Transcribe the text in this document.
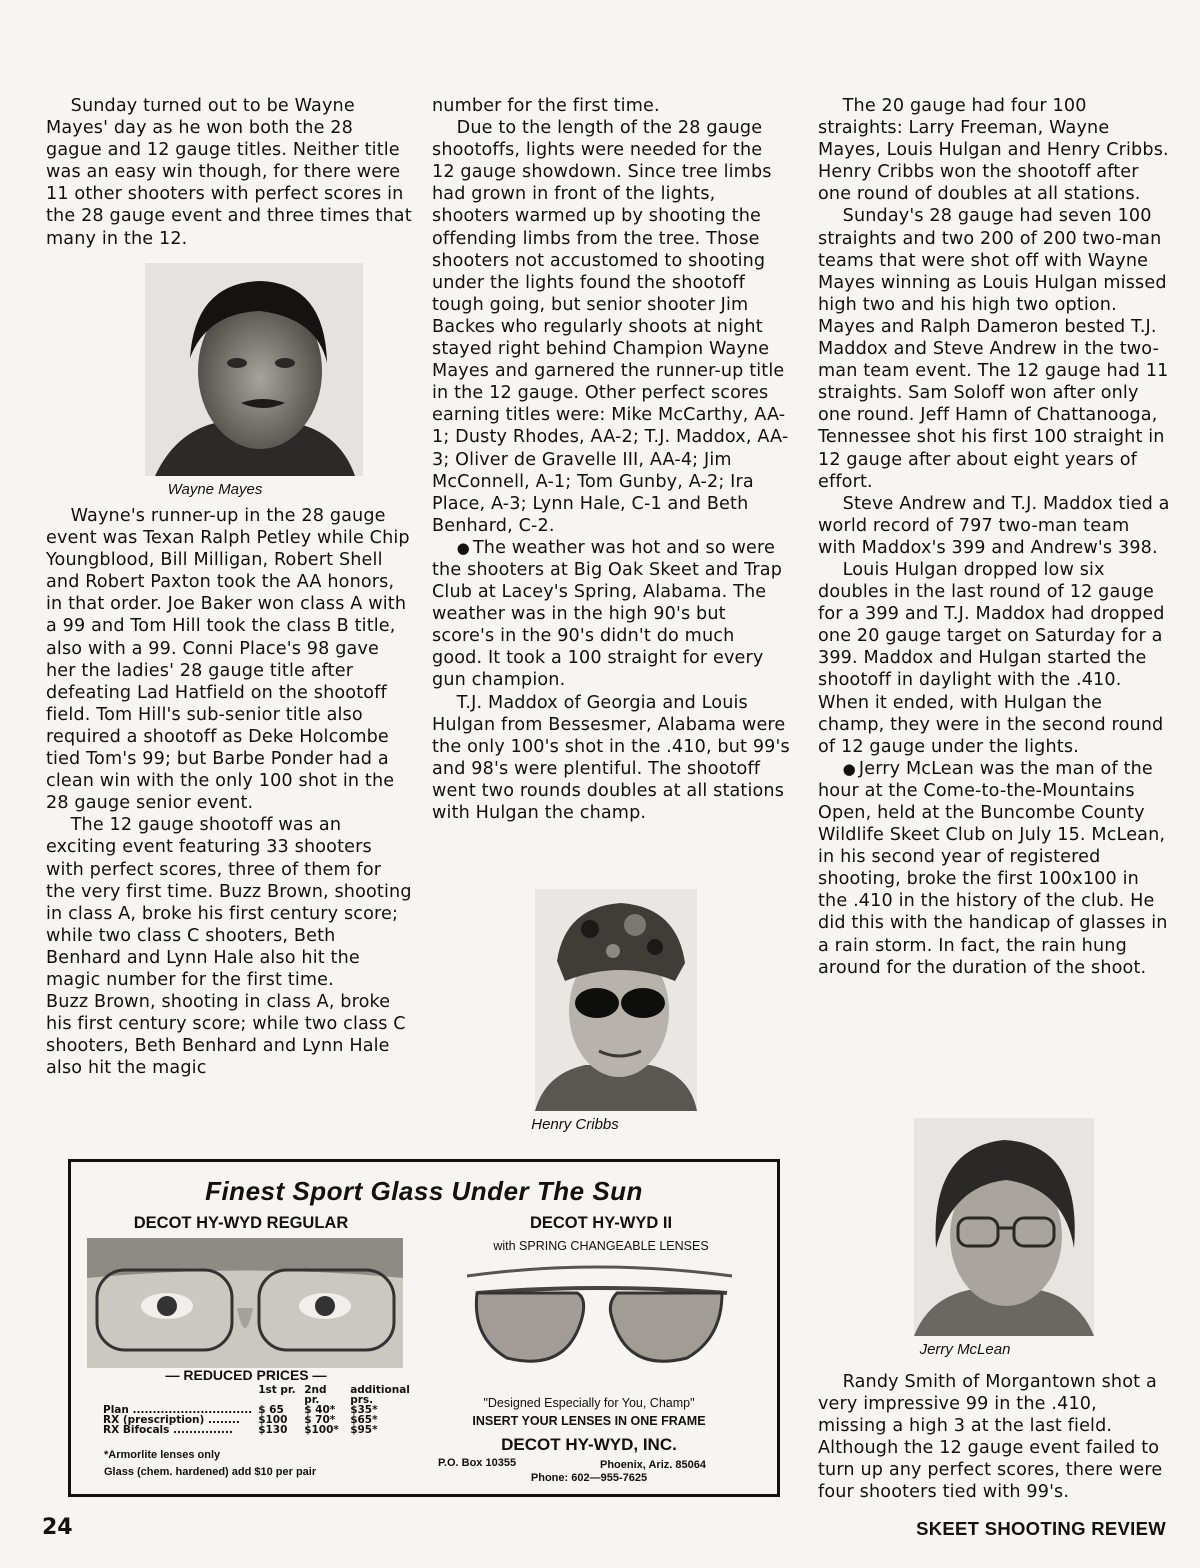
Sunday turned out to be Wayne Mayes' day as he won both the 28 gague and 12 gauge titles. Neither title was an easy win though, for there were 11 other shooters with perfect scores in the 28 gauge event and three times that many in the 12.

Wayne Mayes

Wayne's runner-up in the 28 gauge event was Texan Ralph Petley while Chip Youngblood, Bill Milligan, Robert Shell and Robert Paxton took the AA honors, in that order. Joe Baker won class A with a 99 and Tom Hill took the class B title, also with a 99. Conni Place's 98 gave her the ladies' 28 gauge title after defeating Lad Hatfield on the shootoff field. Tom Hill's sub-senior title also required a shootoff as Deke Holcombe tied Tom's 99; but Barbe Ponder had a clean win with the only 100 shot in the 28 gauge senior event.

The 12 gauge shootoff was an exciting event featuring 33 shooters with perfect scores, three of them for the very first time. Buzz Brown, shooting in class A, broke his first century score; while two class C shooters, Beth Benhard and Lynn Hale also hit the magic number for the first time.

Buzz Brown, shooting in class A, broke his first century score; while two class C shooters, Beth Benhard and Lynn Hale also hit the magic

number for the first time.

Due to the length of the 28 gauge shootoffs, lights were needed for the 12 gauge showdown. Since tree limbs had grown in front of the lights, shooters warmed up by shooting the offending limbs from the tree. Those shooters not accustomed to shooting under the lights found the shootoff tough going, but senior shooter Jim Backes who regularly shoots at night stayed right behind Champion Wayne Mayes and garnered the runner-up title in the 12 gauge. Other perfect scores earning titles were: Mike McCarthy, AA-1; Dusty Rhodes, AA-2; T.J. Maddox, AA-3; Oliver de Gravelle III, AA-4; Jim McConnell, A-1; Tom Gunby, A-2; Ira Place, A-3; Lynn Hale, C-1 and Beth Benhard, C-2.

● The weather was hot and so were the shooters at Big Oak Skeet and Trap Club at Lacey's Spring, Alabama. The weather was in the high 90's but score's in the 90's didn't do much good. It took a 100 straight for every gun champion.

T.J. Maddox of Georgia and Louis Hulgan from Bessesmer, Alabama were the only 100's shot in the .410, but 99's and 98's were plentiful. The shootoff went two rounds doubles at all stations with Hulgan the champ.

Henry Cribbs

The 20 gauge had four 100 straights: Larry Freeman, Wayne Mayes, Louis Hulgan and Henry Cribbs. Henry Cribbs won the shootoff after one round of doubles at all stations.

Sunday's 28 gauge had seven 100 straights and two 200 of 200 two-man teams that were shot off with Wayne Mayes winning as Louis Hulgan missed high two and his high two option. Mayes and Ralph Dameron bested T.J. Maddox and Steve Andrew in the two-man team event. The 12 gauge had 11 straights. Sam Soloff won after only one round. Jeff Hamn of Chattanooga, Tennessee shot his first 100 straight in 12 gauge after about eight years of effort.

Steve Andrew and T.J. Maddox tied a world record of 797 two-man team with Maddox's 399 and Andrew's 398.

Louis Hulgan dropped low six doubles in the last round of 12 gauge for a 399 and T.J. Maddox had dropped one 20 gauge target on Saturday for a 399. Maddox and Hulgan started the shootoff in daylight with the .410. When it ended, with Hulgan the champ, they were in the second round of 12 gauge under the lights.

● Jerry McLean was the man of the hour at the Come-to-the-Mountains Open, held at the Buncombe County Wildlife Skeet Club on July 15. McLean, in his second year of registered shooting, broke the first 100x100 in the .410 in the history of the club. He did this with the handicap of glasses in a rain storm. In fact, the rain hung around for the duration of the shoot.

Jerry McLean

Randy Smith of Morgantown shot a very impressive 99 in the .410, missing a high 3 at the last field. Although the 12 gauge event failed to turn up any perfect scores, there were four shooters tied with 99's.

Finest Sport Glass Under The Sun
DECOT HY-WYD REGULAR	DECOT HY-WYD II
with SPRING CHANGEABLE LENSES
— REDUCED PRICES —
	1st pr.	2nd pr.	additional prs.
Plan ..............................	$ 65	$ 40*	$35*
RX (prescription) ........	$100	$ 70*	$65*
RX Bifocals ...............	$130	$100*	$95*
*Armorlite lenses only
Glass (chem. hardened) add $10 per pair
"Designed Especially for You, Champ"
INSERT YOUR LENSES IN ONE FRAME
DECOT HY-WYD, INC.
P.O. Box 10355	Phoenix, Ariz. 85064
Phone: 602—955-7625
24	SKEET SHOOTING REVIEW
